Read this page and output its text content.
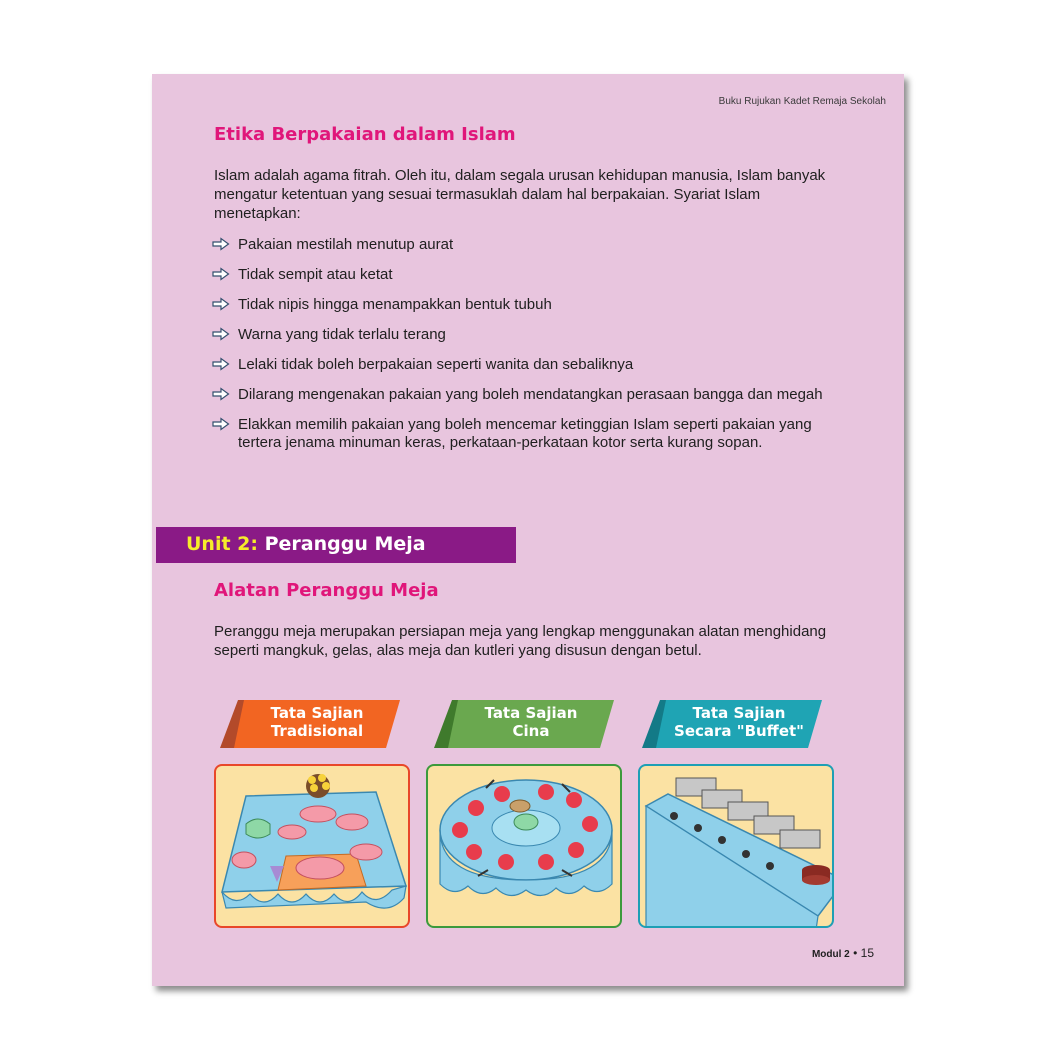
Buku Rujukan Kadet Remaja Sekolah
Etika Berpakaian dalam Islam

Islam adalah agama fitrah. Oleh itu, dalam segala urusan kehidupan manusia, Islam banyak mengatur ketentuan yang sesuai termasuklah dalam hal berpakaian. Syariat Islam menetapkan:

Pakaian mestilah menutup aurat
Tidak sempit atau ketat
Tidak nipis hingga menampakkan bentuk tubuh
Warna yang tidak terlalu terang
Lelaki tidak boleh berpakaian seperti wanita dan sebaliknya
Dilarang mengenakan pakaian yang boleh mendatangkan perasaan bangga dan megah
Elakkan memilih pakaian yang boleh mencemar ketinggian Islam seperti pakaian yang tertera jenama minuman keras, perkataan-perkataan kotor serta kurang sopan.
Unit 2: Peranggu Meja
Alatan Peranggu Meja

Peranggu meja merupakan persiapan meja yang lengkap menggunakan alatan menghidang seperti mangkuk, gelas, alas meja dan kutleri yang disusun dengan betul.

Tata Sajian
Tradisional
Tata Sajian
Cina
Tata Sajian
Secara "Buffet"
Modul 2 • 15
